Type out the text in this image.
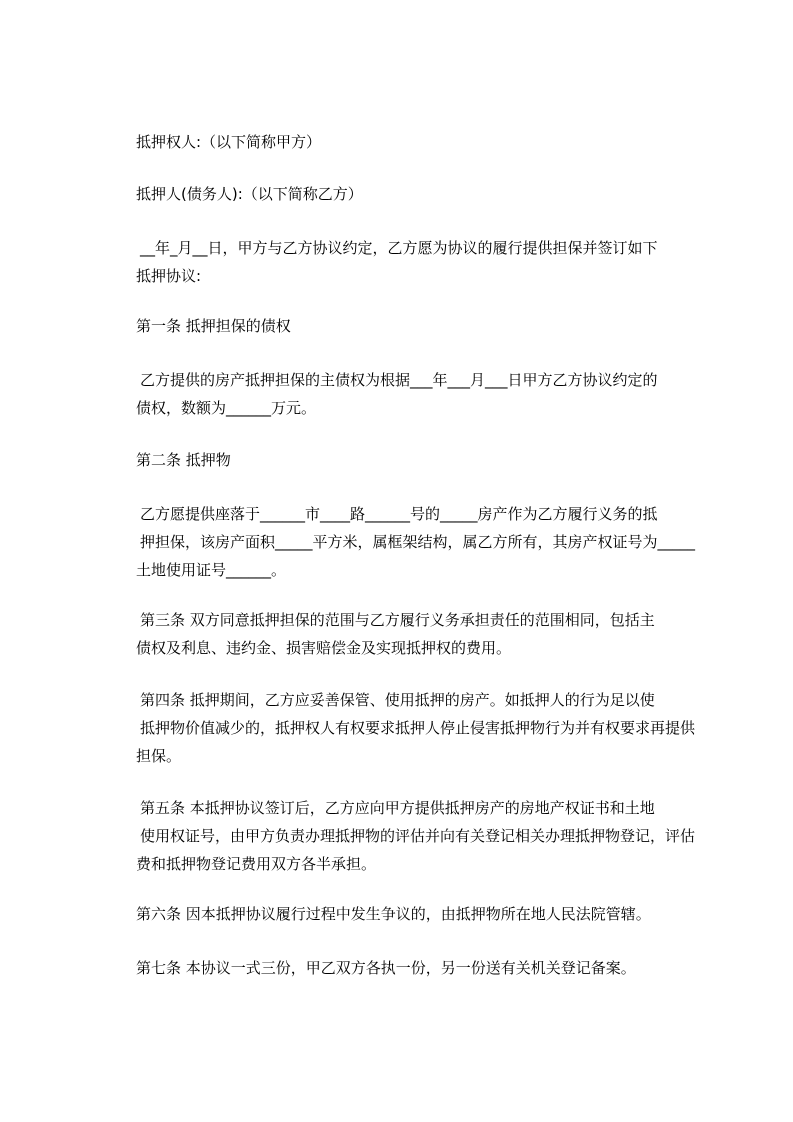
抵押权人:（以下简称甲方）

抵押人(债务人):（以下简称乙方）

__年_月__日，甲方与乙方协议约定，乙方愿为协议的履行提供担保并签订如下
抵押协议:

第一条 抵押担保的债权

乙方提供的房产抵押担保的主债权为根据___年___月___日甲方乙方协议约定的
债权，数额为______万元。

第二条 抵押物

乙方愿提供座落于______市____路______号的_____房产作为乙方履行义务的抵
押担保，该房产面积_____平方米，属框架结构，属乙方所有，其房产权证号为_____
土地使用证号______。

第三条 双方同意抵押担保的范围与乙方履行义务承担责任的范围相同，包括主
债权及利息、违约金、损害赔偿金及实现抵押权的费用。

第四条 抵押期间，乙方应妥善保管、使用抵押的房产。如抵押人的行为足以使
抵押物价值减少的，抵押权人有权要求抵押人停止侵害抵押物行为并有权要求再提供
担保。

第五条 本抵押协议签订后，乙方应向甲方提供抵押房产的房地产权证书和土地
使用权证号，由甲方负责办理抵押物的评估并向有关登记相关办理抵押物登记，评估
费和抵押物登记费用双方各半承担。

第六条 因本抵押协议履行过程中发生争议的，由抵押物所在地人民法院管辖。

第七条 本协议一式三份，甲乙双方各执一份，另一份送有关机关登记备案。
